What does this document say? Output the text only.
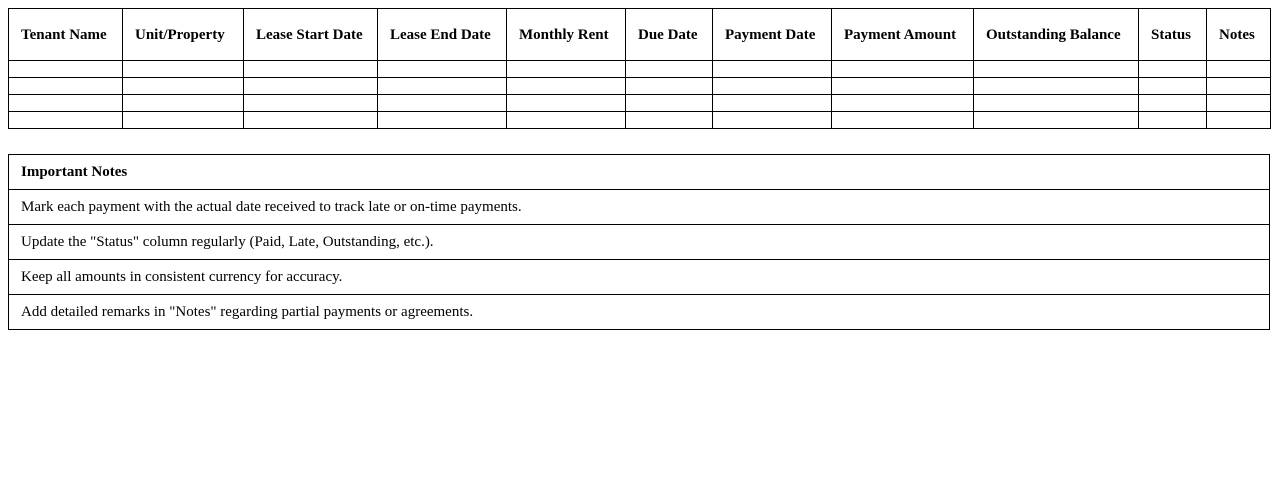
Tenant Name	Unit/Property	Lease Start Date	Lease End Date	Monthly Rent	Due Date	Payment Date	Payment Amount	Outstanding Balance	Status	Notes

Important Notes
Mark each payment with the actual date received to track late or on-time payments.
Update the "Status" column regularly (Paid, Late, Outstanding, etc.).
Keep all amounts in consistent currency for accuracy.
Add detailed remarks in "Notes" regarding partial payments or agreements.
